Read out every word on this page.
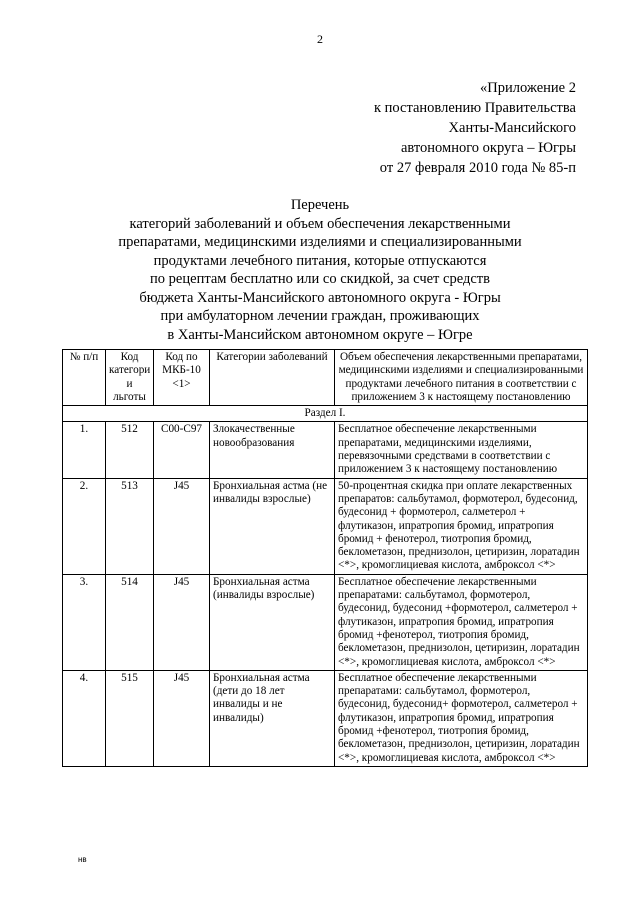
2
«Приложение 2
к постановлению Правительства
Ханты-Мансийского
автономного округа – Югры
от 27 февраля 2010 года № 85-п
Перечень
категорий заболеваний и объем обеспечения лекарственными
препаратами, медицинскими изделиями и специализированными
продуктами лечебного питания, которые отпускаются
по рецептам бесплатно или со скидкой, за счет средств
бюджета Ханты-Мансийского автономного округа - Югры
при амбулаторном лечении граждан, проживающих
в Ханты-Мансийском автономном округе – Югре
№ п/п	Код категори и льготы	Код по МКБ-10 <1>	Категории заболеваний	Объем обеспечения лекарственными препаратами, медицинскими изделиями и специализированными продуктами лечебного питания в соответствии с приложением 3 к настоящему постановлению
Раздел I.				
1.	512	С00-С97	Злокачественные новообразования	Бесплатное обеспечение лекарственными препаратами, медицинскими изделиями, перевязочными средствами в соответствии с приложением 3 к настоящему постановлению
2.	513	J45	Бронхиальная астма (не инвалиды взрослые)	50-процентная скидка при оплате лекарственных препаратов: сальбутамол, формотерол, будесонид, будесонид + формотерол, салметерол + флутиказон, ипратропия бромид, ипратропия бромид + фенотерол, тиотропия бромид, беклометазон, преднизолон, цетиризин, лоратадин <*>, кромоглициевая кислота, амброксол <*>
3.	514	J45	Бронхиальная астма (инвалиды взрослые)	Бесплатное обеспечение лекарственными препаратами: сальбутамол, формотерол, будесонид, будесонид +формотерол, салметерол + флутиказон, ипратропия бромид, ипратропия бромид +фенотерол, тиотропия бромид, беклометазон, преднизолон, цетиризин, лоратадин <*>, кромоглициевая кислота, амброксол <*>
4.	515	J45	Бронхиальная астма (дети до 18 лет инвалиды и не инвалиды)	Бесплатное обеспечение лекарственными препаратами: сальбутамол, формотерол, будесонид, будесонид+ формотерол, салметерол + флутиказон, ипратропия бромид, ипратропия бромид +фенотерол, тиотропия бромид, беклометазон, преднизолон, цетиризин, лоратадин <*>, кромоглициевая кислота, амброксол <*>
нв
